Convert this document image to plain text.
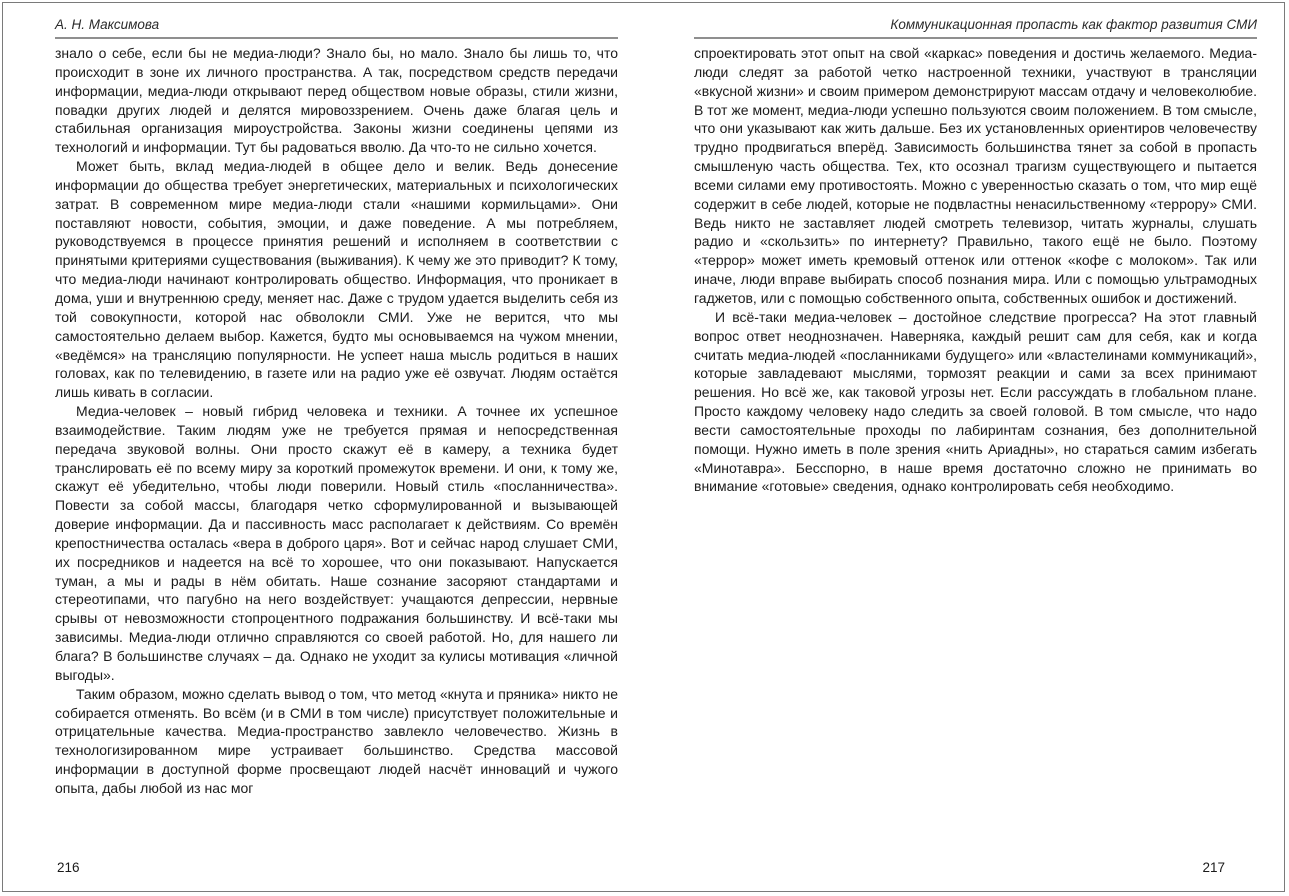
А. Н. Максимова

знало о себе, если бы не медиа-люди? Знало бы, но мало. Знало бы лишь то, что происходит в зоне их личного пространства. А так, посредством средств передачи информации, медиа-люди открывают перед обществом новые образы, стили жизни, повадки других людей и делятся мировоззрением. Очень даже благая цель и стабильная организация мироустройства. Законы жизни соединены цепями из технологий и информации. Тут бы радоваться вволю. Да что-то не сильно хочется.

Может быть, вклад медиа-людей в общее дело и велик. Ведь донесение информации до общества требует энергетических, материальных и психологических затрат. В современном мире медиа-люди стали «нашими кормильцами». Они поставляют новости, события, эмоции, и даже поведение. А мы потребляем, руководствуемся в процессе принятия решений и исполняем в соответствии с принятыми критериями существования (выживания). К чему же это приводит? К тому, что медиа-люди начинают контролировать общество. Информация, что проникает в дома, уши и внутреннюю среду, меняет нас. Даже с трудом удается выделить себя из той совокупности, которой нас обволокли СМИ. Уже не верится, что мы самостоятельно делаем выбор. Кажется, будто мы основываемся на чужом мнении, «ведёмся» на трансляцию популярности. Не успеет наша мысль родиться в наших головах, как по телевидению, в газете или на радио уже её озвучат. Людям остаётся лишь кивать в согласии.

Медиа-человек – новый гибрид человека и техники. А точнее их успешное взаимодействие. Таким людям уже не требуется прямая и непосредственная передача звуковой волны. Они просто скажут её в камеру, а техника будет транслировать её по всему миру за короткий промежуток времени. И они, к тому же, скажут её убедительно, чтобы люди поверили. Новый стиль «посланничества». Повести за собой массы, благодаря четко сформулированной и вызывающей доверие информации. Да и пассивность масс располагает к действиям. Со времён крепостничества осталась «вера в доброго царя». Вот и сейчас народ слушает СМИ, их посредников и надеется на всё то хорошее, что они показывают. Напускается туман, а мы и рады в нём обитать. Наше сознание засоряют стандартами и стереотипами, что пагубно на него воздействует: учащаются депрессии, нервные срывы от невозможности стопроцентного подражания большинству. И всё-таки мы зависимы. Медиа-люди отлично справляются со своей работой. Но, для нашего ли блага? В большинстве случаях – да. Однако не уходит за кулисы мотивация «личной выгоды».

Таким образом, можно сделать вывод о том, что метод «кнута и пряника» никто не собирается отменять. Во всём (и в СМИ в том числе) присутствует положительные и отрицательные качества. Медиа-пространство завлекло человечество. Жизнь в технологизированном мире устраивает большинство. Средства массовой информации в доступной форме просвещают людей насчёт инноваций и чужого опыта, дабы любой из нас мог

216
Коммуникационная пропасть как фактор развития СМИ

спроектировать этот опыт на свой «каркас» поведения и достичь желаемого. Медиа-люди следят за работой четко настроенной техники, участвуют в трансляции «вкусной жизни» и своим примером демонстрируют массам отдачу и человеколюбие. В тот же момент, медиа-люди успешно пользуются своим положением. В том смысле, что они указывают как жить дальше. Без их установленных ориентиров человечеству трудно продвигаться вперёд. Зависимость большинства тянет за собой в пропасть смышленую часть общества. Тех, кто осознал трагизм существующего и пытается всеми силами ему противостоять. Можно с уверенностью сказать о том, что мир ещё содержит в себе людей, которые не подвластны ненасильственному «террору» СМИ. Ведь никто не заставляет людей смотреть телевизор, читать журналы, слушать радио и «скользить» по интернету? Правильно, такого ещё не было. Поэтому «террор» может иметь кремовый оттенок или оттенок «кофе с молоком». Так или иначе, люди вправе выбирать способ познания мира. Или с помощью ультрамодных гаджетов, или с помощью собственного опыта, собственных ошибок и достижений.

И всё-таки медиа-человек – достойное следствие прогресса? На этот главный вопрос ответ неоднозначен. Наверняка, каждый решит сам для себя, как и когда считать медиа-людей «посланниками будущего» или «властелинами коммуникаций», которые завладевают мыслями, тормозят реакции и сами за всех принимают решения. Но всё же, как таковой угрозы нет. Если рассуждать в глобальном плане. Просто каждому человеку надо следить за своей головой. В том смысле, что надо вести самостоятельные проходы по лабиринтам сознания, без дополнительной помощи. Нужно иметь в поле зрения «нить Ариадны», но стараться самим избегать «Минотавра». Бесспорно, в наше время достаточно сложно не принимать во внимание «готовые» сведения, однако контролировать себя необходимо.

217
